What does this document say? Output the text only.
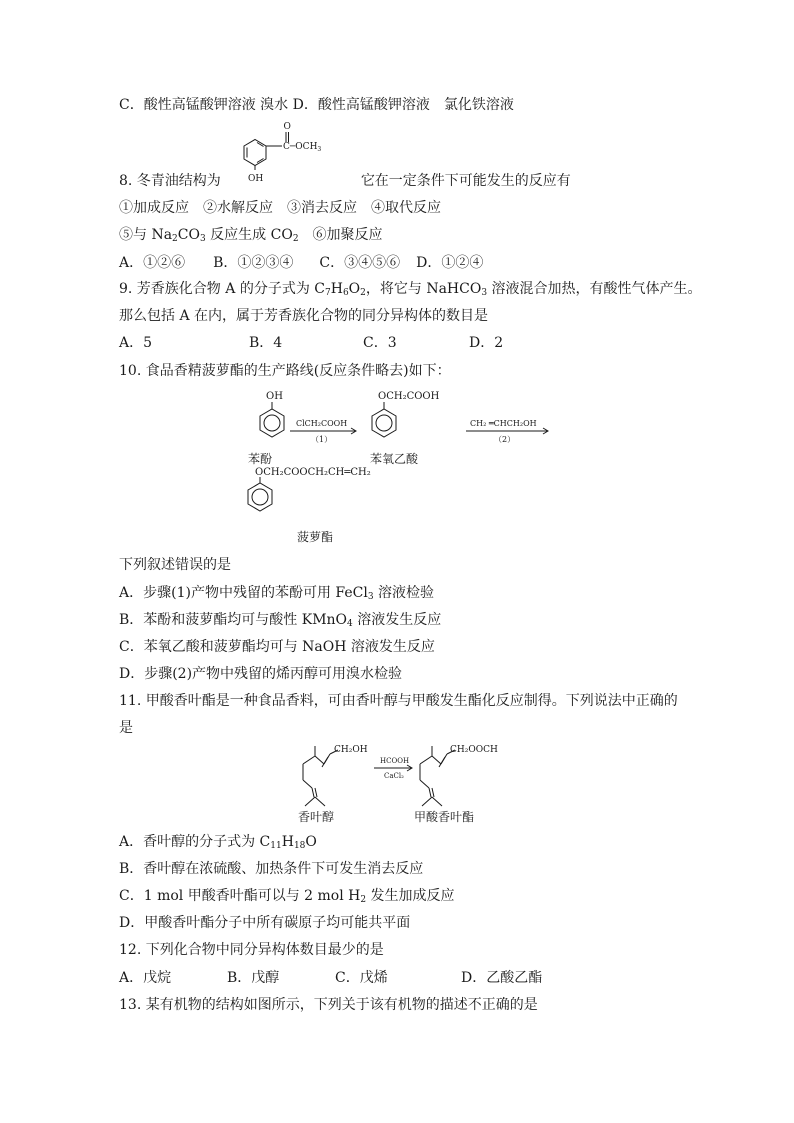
C．酸性高锰酸钾溶液 溴水 D．酸性高锰酸钾溶液　氯化铁溶液
O
$C─OCH_3$
OH
8. 冬青油结构为	它在一定条件下可能发生的反应有
①加成反应　②水解反应　③消去反应　④取代反应
⑤与 $Na_2CO_3$ 反应生成 $CO_2$　⑥加聚反应
A．①②⑥ B．①②③④ C．③④⑤⑥ D．①②④
9. 芳香族化合物 A 的分子式为 $C_7H_6O_2$，将它与 NaHCO$_3$ 溶液混合加热，有酸性气体产生。
那么包括 A 在内，属于芳香族化合物的同分异构体的数目是
A．5	B．4	C．3	D．2
10. 食品香精菠萝酯的生产路线(反应条件略去)如下：
OH
ClCH₂COOH
（1）
OCH₂COOH
CH₂ ═CHCH₂OH
（2）
OCH₂COOCH₂CH═CH₂
苯酚	苯氧乙酸
菠萝酯
下列叙述错误的是
A．步骤(1)产物中残留的苯酚可用 FeCl$_3$ 溶液检验
B．苯酚和菠萝酯均可与酸性 KMnO$_4$ 溶液发生反应
C．苯氧乙酸和菠萝酯均可与 NaOH 溶液发生反应
D．步骤(2)产物中残留的烯丙醇可用溴水检验
11. 甲酸香叶酯是一种食品香料，可由香叶醇与甲酸发生酯化反应制得。下列说法中正确的
是
CH₂OH
HCOOH
CaCl₂
CH₂OOCH
香叶醇	甲酸香叶酯
A．香叶醇的分子式为 $C_{11}H_{18}O$
B．香叶醇在浓硫酸、加热条件下可发生消去反应
C．1 mol 甲酸香叶酯可以与 2 mol $H_2$ 发生加成反应
D．甲酸香叶酯分子中所有碳原子均可能共平面
12. 下列化合物中同分异构体数目最少的是
A．戊烷	B．戊醇	C．戊烯	D．乙酸乙酯
13. 某有机物的结构如图所示，下列关于该有机物的描述不正确的是
